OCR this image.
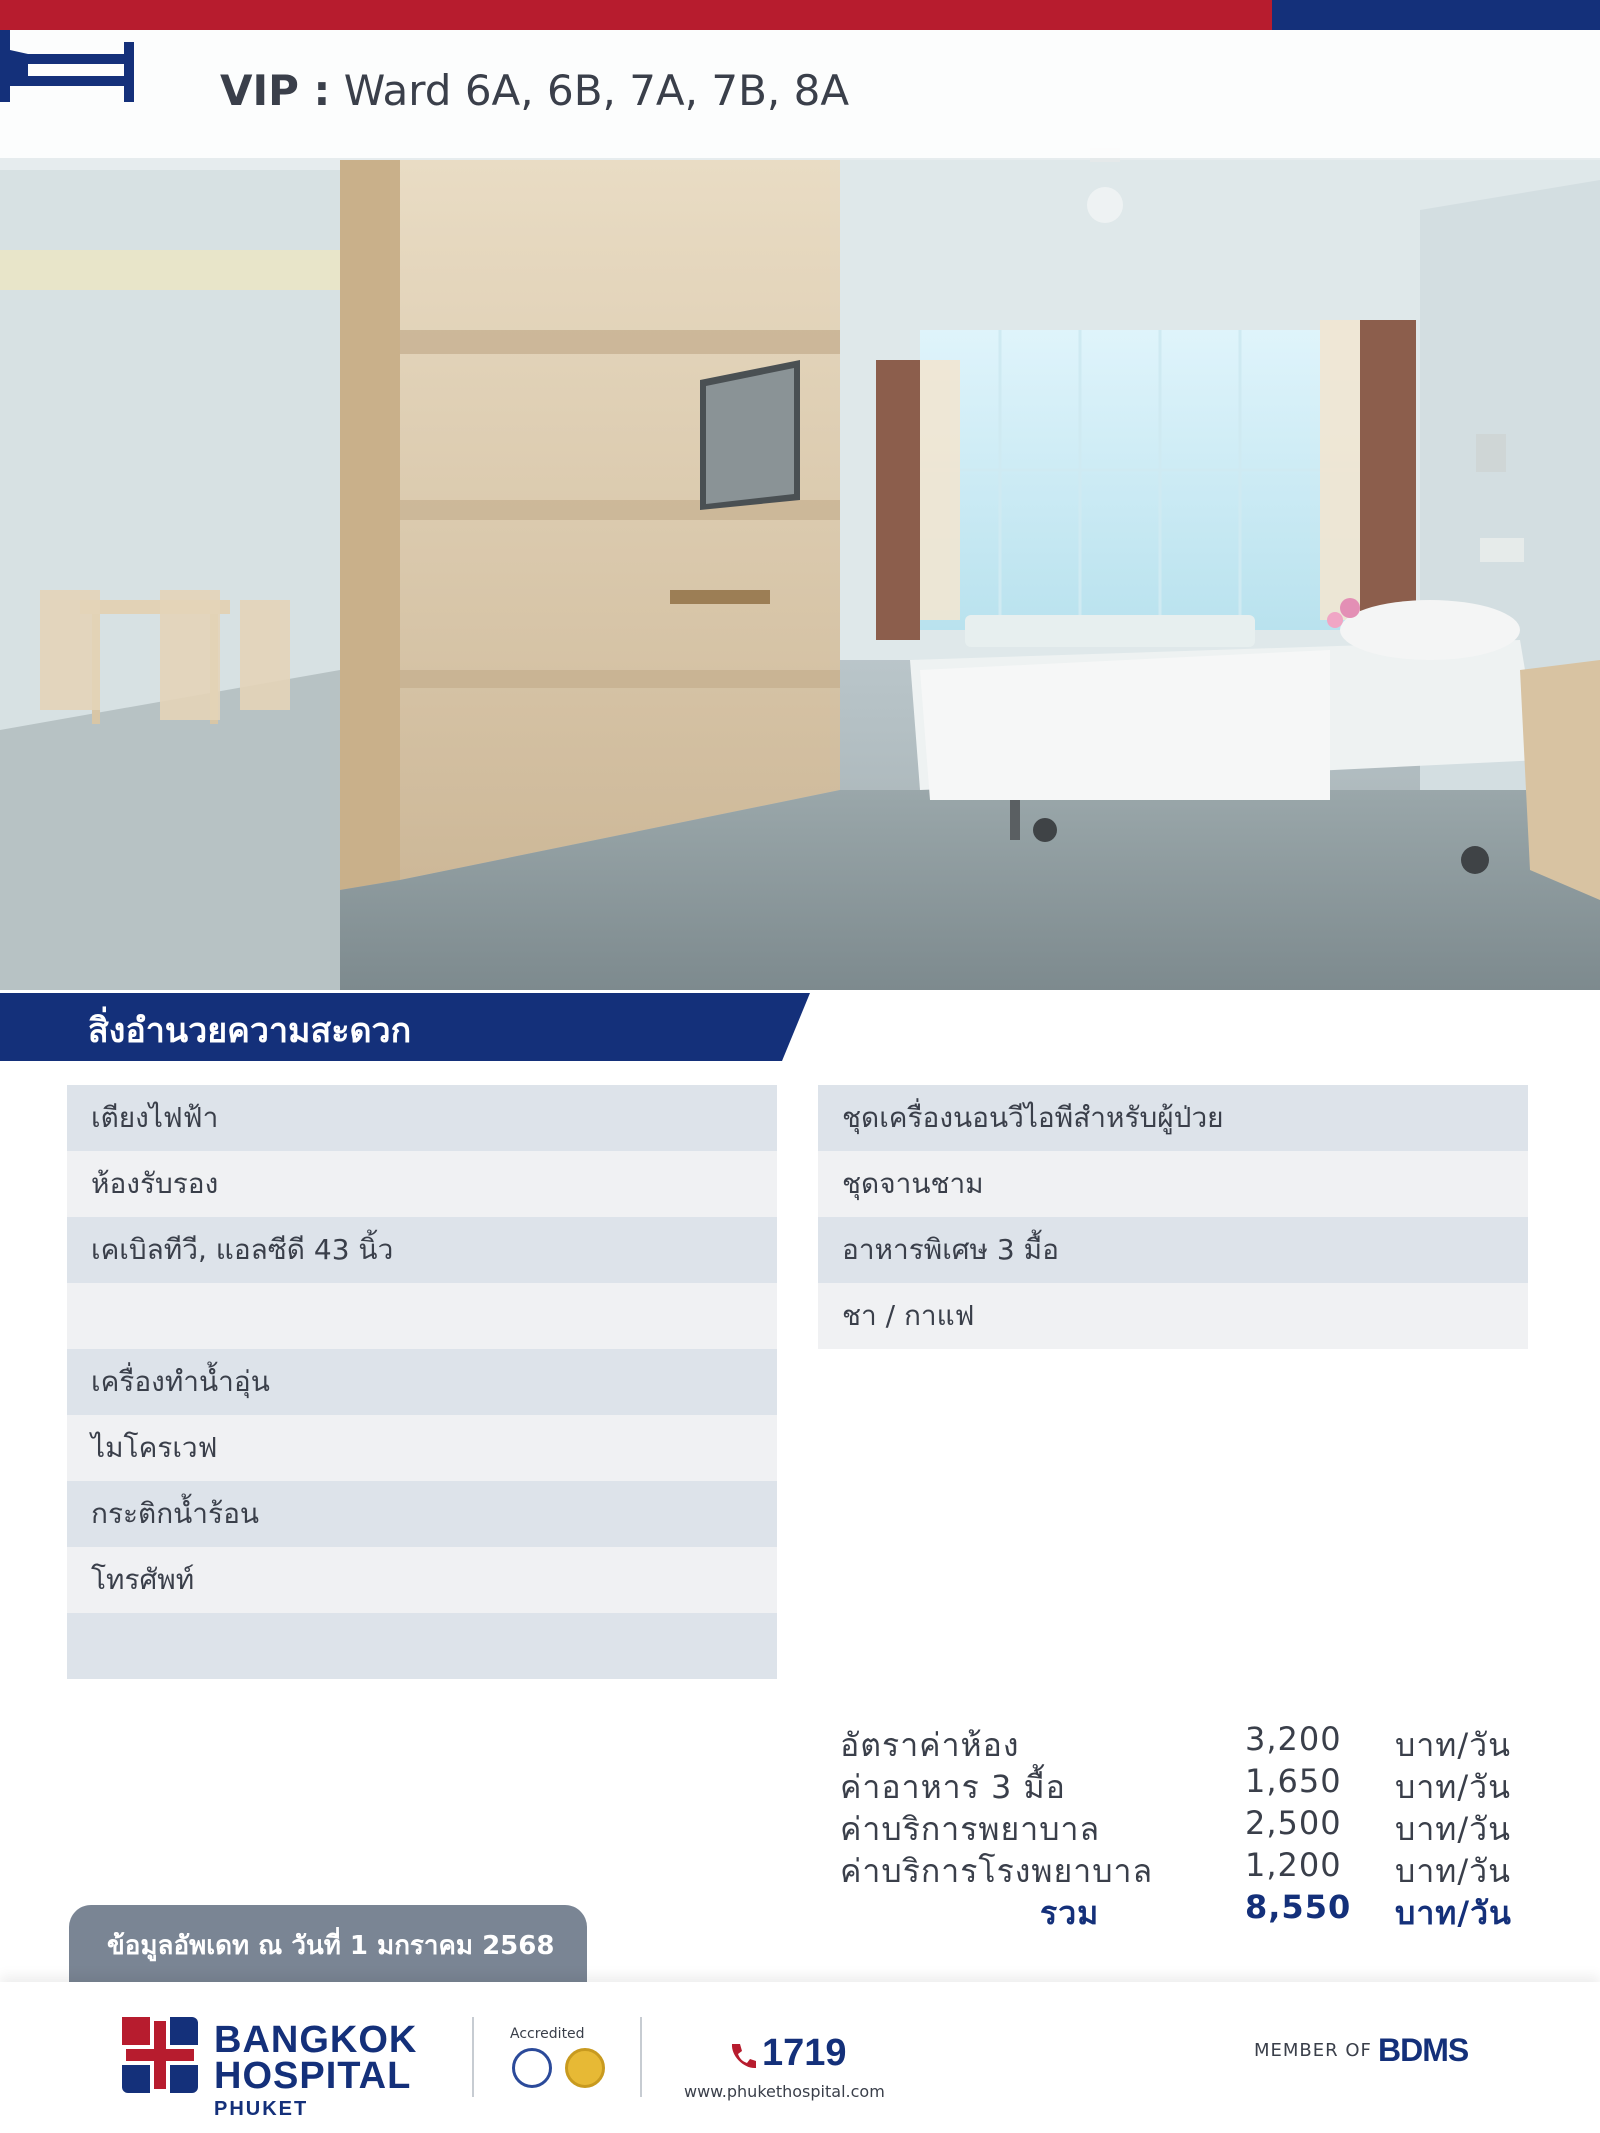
VIP : Ward 6A, 6B, 7A, 7B, 8A
สิ่งอำนวยความสะดวก
เตียงไฟฟ้า
ห้องรับรอง
เคเบิลทีวี, แอลซีดี 43 นิ้ว
เครื่องทำน้ำอุ่น
ไมโครเวฟ
กระติกน้ำร้อน
โทรศัพท์
ชุดเครื่องนอนวีไอพีสำหรับผู้ป่วย
ชุดจานชาม
อาหารพิเศษ 3 มื้อ
ชา / กาแฟ
อัตราค่าห้อง	3,200 บาท/วัน
ค่าอาหาร 3 มื้อ	1,650 บาท/วัน
ค่าบริการพยาบาล	2,500 บาท/วัน
ค่าบริการโรงพยาบาล	1,200 บาท/วัน
รวม	8,550 บาท/วัน
ข้อมูลอัพเดท ณ วันที่ 1 มกราคม 2568
BANGKOK
HOSPITAL
PHUKET
Accredited	1719
www.phukethospital.com
MEMBER OF BDMS
